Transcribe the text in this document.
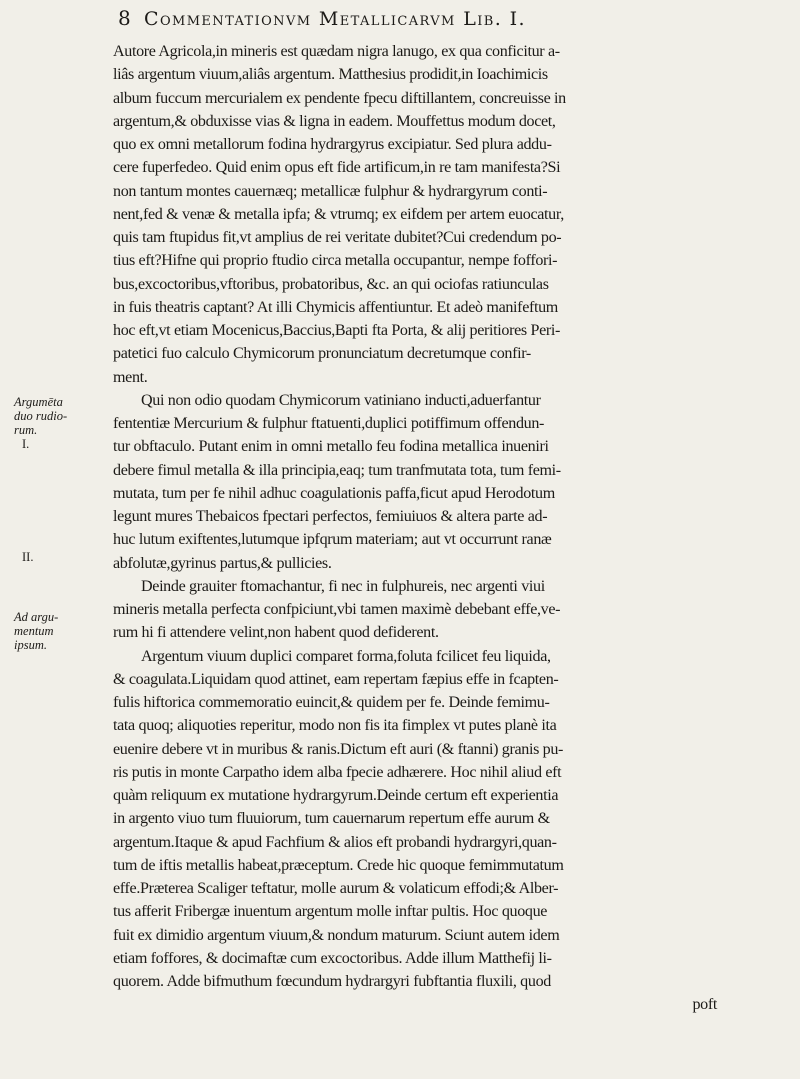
8 Commentationvm Metallicarvm Lib. I.
Argumēta
duo rudio-
rum.
I.
II.
Ad argu-
mentum
ipsum.
Autore Agricola,in mineris est quædam nigra lanugo, ex qua conficitur a-
liâs argentum viuum,aliâs argentum. Matthesius prodidit,in Ioachimicis
album fuccum mercurialem ex pendente fpecu diftillantem, concreuisse in
argentum,& obduxisse vias & ligna in eadem. Mouffettus modum docet,
quo ex omni metallorum fodina hydrargyrus excipiatur. Sed plura addu-
cere fuperfedeo. Quid enim opus eft fide artificum,in re tam manifesta?Si
non tantum montes cauernæq; metallicæ fulphur & hydrargyrum conti-
nent,fed & venæ & metalla ipfa; & vtrumq; ex eifdem per artem euocatur,
quis tam ftupidus fit,vt amplius de rei veritate dubitet?Cui credendum po-
tius eft?Hifne qui proprio ftudio circa metalla occupantur, nempe foffori-
bus,excoctoribus,vftoribus, probatoribus, &c. an qui ociofas ratiunculas
in fuis theatris captant? At illi Chymicis affentiuntur. Et adeò manifeftum
hoc eft,vt etiam Mocenicus,Baccius,Bapti fta Porta, & alij peritiores Peri-
patetici fuo calculo Chymicorum pronunciatum decretumque confir-
ment.
Qui non odio quodam Chymicorum vatiniano inducti,aduerfantur
fententiæ Mercurium & fulphur ftatuenti,duplici potiffimum offendun-
tur obftaculo. Putant enim in omni metallo feu fodina metallica inueniri
debere fimul metalla & illa principia,eaq; tum tranfmutata tota, tum femi-
mutata, tum per fe nihil adhuc coagulationis paffa,ficut apud Herodotum
legunt mures Thebaicos fpectari perfectos, femiuiuos & altera parte ad-
huc lutum exiftentes,lutumque ipfqrum materiam; aut vt occurrunt ranæ
abfolutæ,gyrinus partus,& pullicies.
Deinde grauiter ftomachantur, fi nec in fulphureis, nec argenti viui
mineris metalla perfecta confpiciunt,vbi tamen maximè debebant effe,ve-
rum hi fi attendere velint,non habent quod defiderent.
Argentum viuum duplici comparet forma,foluta fcilicet feu liquida,
& coagulata.Liquidam quod attinet, eam repertam fæpius effe in fcapten-
fulis hiftorica commemoratio euincit,& quidem per fe. Deinde femimu-
tata quoq; aliquoties reperitur, modo non fis ita fimplex vt putes planè ita
euenire debere vt in muribus & ranis.Dictum eft auri (& ftanni) granis pu-
ris putis in monte Carpatho idem alba fpecie adhærere. Hoc nihil aliud eft
quàm reliquum ex mutatione hydrargyrum.Deinde certum eft experientia
in argento viuo tum fluuiorum, tum cauernarum repertum effe aurum &
argentum.Itaque & apud Fachfium & alios eft probandi hydrargyri,quan-
tum de iftis metallis habeat,præceptum. Crede hic quoque femimmutatum
effe.Præterea Scaliger teftatur, molle aurum & volaticum effodi;& Alber-
tus afferit Fribergæ inuentum argentum molle inftar pultis. Hoc quoque
fuit ex dimidio argentum viuum,& nondum maturum. Sciunt autem idem
etiam foffores, & docimaftæ cum excoctoribus. Adde illum Matthefij li-
quorem. Adde bifmuthum fœcundum hydrargyri fubftantia fluxili, quod
poft
